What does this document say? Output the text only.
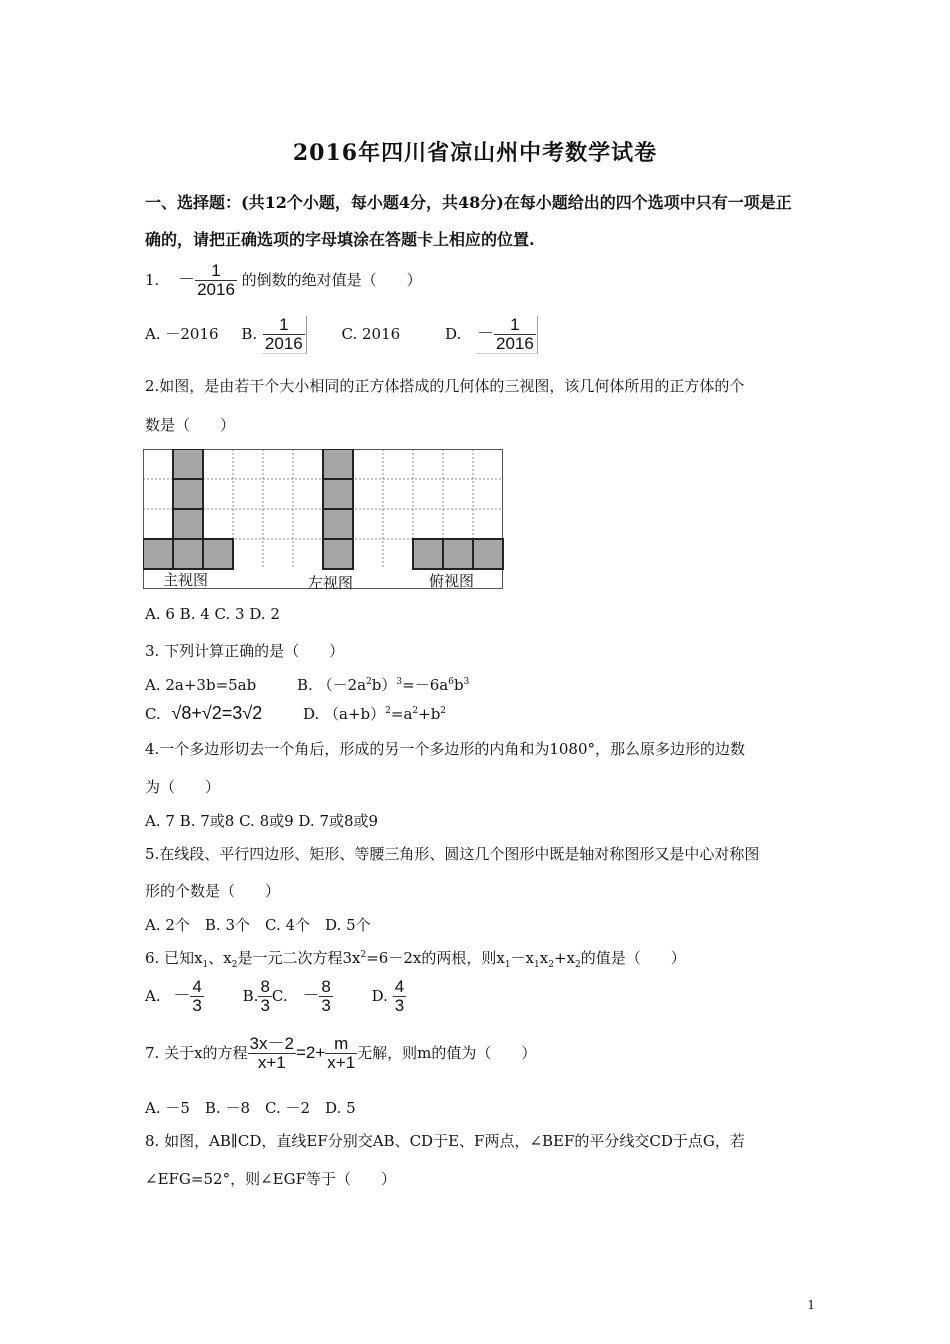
2016年四川省凉山州中考数学试卷
一、选择题：(共12个小题，每小题4分，共48分)在每小题给出的四个选项中只有一项是正
确的，请把正确选项的字母填涂在答题卡上相应的位置.
1. － $\frac{1}{2016}$ 的倒数的绝对值是（　　）
A. －2016 B. $\frac{1}{2016} C$. 2016	D. － $\frac{1}{2016}$
2.如图，是由若干个大小相同的正方体搭成的几何体的三视图，该几何体所用的正方体的个
数是（　　）
主视图	左视图	俯视图
A. 6 B. 4 C. 3 D. 2
3. 下列计算正确的是（　　）
A. 2a+3b=5ab	B. $(-2a^2b)^3=-6a^6b^3$
C. √8+√2=3√2	D. $(a+b)^2=a^2+b^2$
4.一个多边形切去一个角后，形成的另一个多边形的内角和为1080°，那么原多边形的边数
为（　　）
A. 7 B. 7或8 C. 8或9 D. 7或8或9
5.在线段、平行四边形、矩形、等腰三角形、圆这几个图形中既是轴对称图形又是中心对称图
形的个数是（　　）
A. 2个　B. 3个　C. 4个　D. 5个
6. 已知$x_1$、$x_2$是一元二次方程$3x^2=6-2x$的两根，则$x_1-x_1x_2+x_2$的值是（　　）
A. － $\frac{4}{3}$	B. $\frac{8}{3} C$. － $\frac{8}{3}$	D. $\frac{4}{3}$
7. 关于x的方程 $\frac{3x-2}{x+1} =2+ \frac{m}{x+1}$ 无解，则m的值为（　　）
A. －5　B. －8　C. －2　D. 5
8. 如图，AB∥CD，直线EF分别交AB、CD于E、F两点，∠BEF的平分线交CD于点G，若
∠EFG=52°，则∠EGF等于（　　）
1
